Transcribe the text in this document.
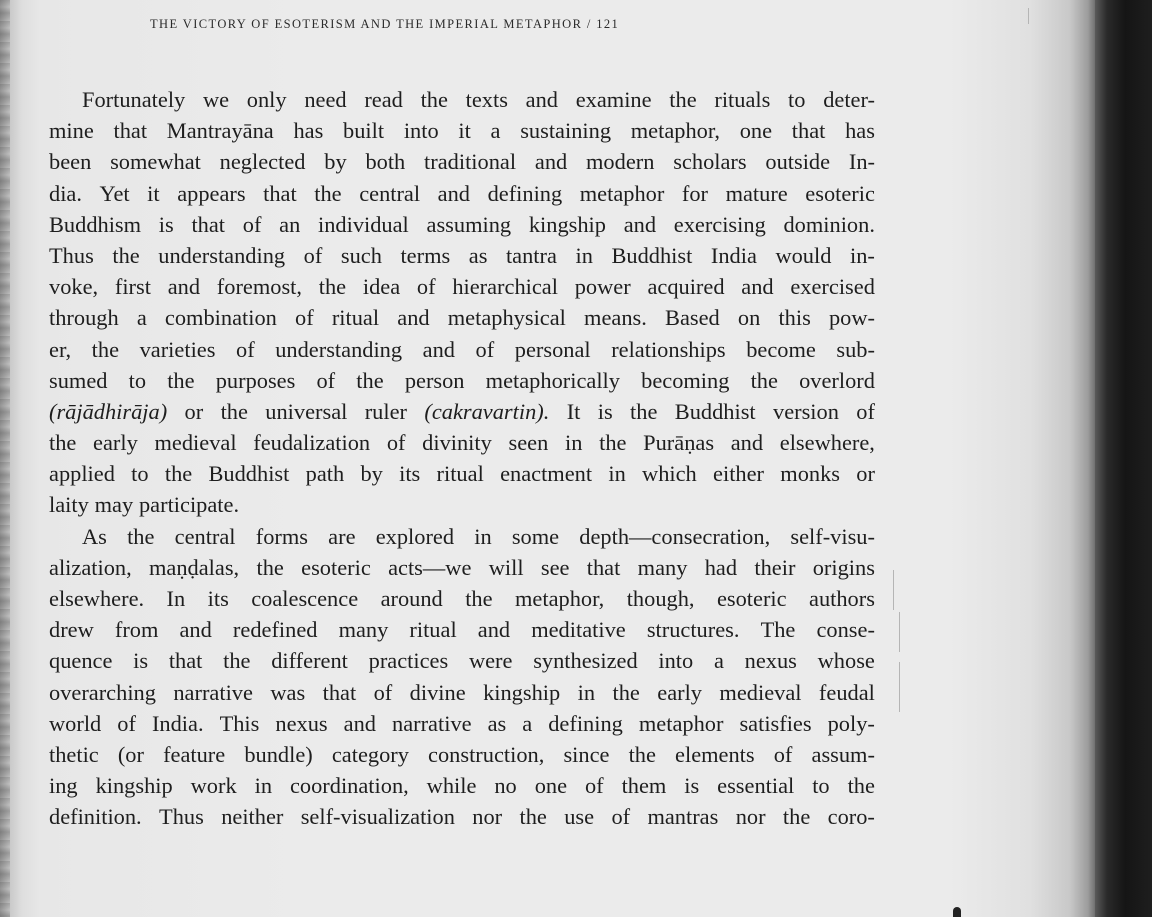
THE VICTORY OF ESOTERISM AND THE IMPERIAL METAPHOR / 121
Fortunately we only need read the texts and examine the rituals to deter-
mine that Mantrayāna has built into it a sustaining metaphor, one that has
been somewhat neglected by both traditional and modern scholars outside In-
dia. Yet it appears that the central and defining metaphor for mature esoteric
Buddhism is that of an individual assuming kingship and exercising dominion.
Thus the understanding of such terms as tantra in Buddhist India would in-
voke, first and foremost, the idea of hierarchical power acquired and exercised
through a combination of ritual and metaphysical means. Based on this pow-
er, the varieties of understanding and of personal relationships become sub-
sumed to the purposes of the person metaphorically becoming the overlord
(rājādhirāja) or the universal ruler (cakravartin). It is the Buddhist version of
the early medieval feudalization of divinity seen in the Purāṇas and elsewhere,
applied to the Buddhist path by its ritual enactment in which either monks or
laity may participate.
As the central forms are explored in some depth—consecration, self-visu-
alization, maṇḍalas, the esoteric acts—we will see that many had their origins
elsewhere. In its coalescence around the metaphor, though, esoteric authors
drew from and redefined many ritual and meditative structures. The conse-
quence is that the different practices were synthesized into a nexus whose
overarching narrative was that of divine kingship in the early medieval feudal
world of India. This nexus and narrative as a defining metaphor satisfies poly-
thetic (or feature bundle) category construction, since the elements of assum-
ing kingship work in coordination, while no one of them is essential to the
definition. Thus neither self-visualization nor the use of mantras nor the coro-
